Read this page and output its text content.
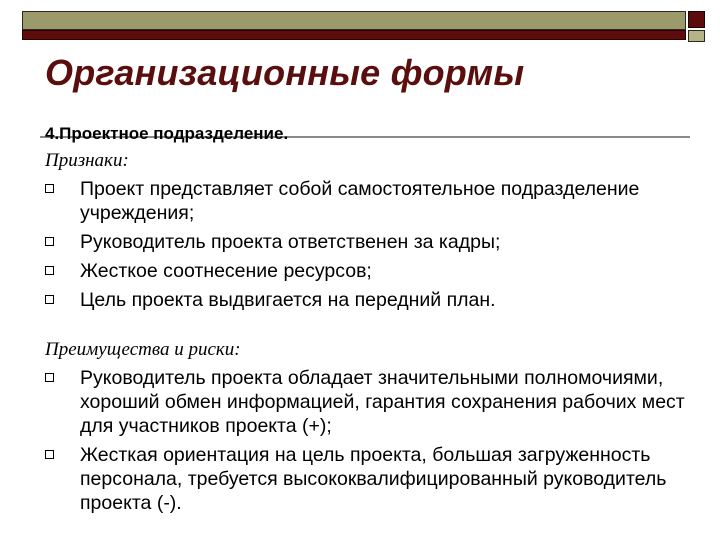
Организационные формы
4.Проектное подразделение.
Признаки:
Проект представляет собой самостоятельное подразделение учреждения;
Руководитель проекта ответственен за кадры;
Жесткое соотнесение ресурсов;
Цель проекта выдвигается на передний план.
Преимущества и риски:
Руководитель проекта обладает значительными полномочиями, хороший обмен информацией, гарантия сохранения рабочих мест для участников проекта (+);
Жесткая ориентация на цель проекта, большая загруженность персонала, требуется высококвалифицированный руководитель проекта (-).
